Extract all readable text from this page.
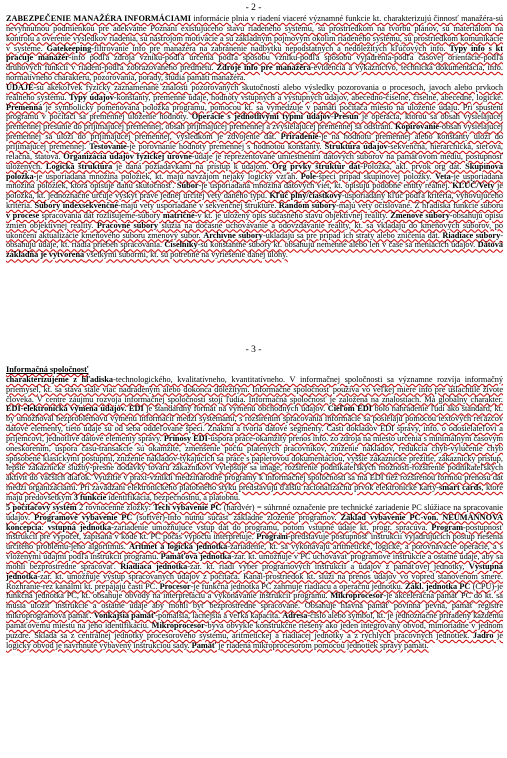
- 2 -
ZABEZPEČENIE MANAŽÉRA INFORMÁCIAMI informácie plnia v riadení viaceré významné funkcie kt. charakterizujú činnosť manažéra-sú nevyhnutnou podmienkou pre adekvátne Poznaní existujúceho stavu riadeného systému, sú prostriedkom na tvorbu plánov, sú materiálom na kontrolu a overenie výsledkov riadenia, sú nástrojom motivácie a sú základným pojmovým okolím riadeného systému, sú prostriedkom komunikácie v systéme. Gatekeeping-filtrovanie info pre manažéra na zabránenie nadbytku nepodstatných a nedôležitých kľúčových info. Typy info s kt pracuje manažér-info podľa zdroja vzniku-podľa určenia podľa spôsobu vzniku-podľa spôsobu vyjadrenia-podľa časovej orientácie-podľa druhových funkcií v riadení-podľa zobrazovaného predmetu. Zdroje info pre manažéra-evidencia a výkazníctvo, technická dokumentácia, info. normatívneho charakteru, pozorovania, porady, štúdia pamätí manažéra.
ÚDAJE-sú akékoľvek fyzicky zaznamenané znalosti pozorovaných skutočností alebo výsledky pozorovania o procesoch, javoch alebo prvkoch reálneho systému. Typy údajov-konštanty, premenné údaje, hodnoty vstupných a výstupných údajov, abecedno-číselné, číselné, abecedné, logické. Premenná je symbolicky pomenovaná položka programu, pomocou kt. sa vymedzuje v pamäti počítača miesto na uloženie údaju. Pri spustení programu v počítači sa premennej uloženie hodnoty. Operácie s jednotlivými typmi údajov-Presun je operácia, ktorou sa obsah vysielajúcej premennej presunie do prijímajúcej premennej, obsah prijímajúcej premennej a zvysielajúcej premennej sa odstráni. Kopírovanie-obsah vysielajúcej premennej sa uloží do prijímajúcej premennej, výsledkom je zdvojenie dát. Priradenie-je na hodnotu premennej alebo konštanty uloží do prijímajúcej premennej. Testovanie-je porovnanie hodnoty premennej s hodnotou konštanty. Štruktúra údajov-sekvenčná, hierarchická, sieťová, relačná, štatová. Organizácia údajov fyzickej úrovne-údaje je reprezentované umiestnením dátových súborov na pamäťovom médiu, postupnosť uložených. Logická štruktúra je daná požiadavkami na prístup k údajom. Org prvky štruktúr dát-Položka, akl. prvok org dát. Skupinová položka-je usporiadaná množina položiek, kt. majú navzájom nejaký logický vzťah. Pole-špeci prípad skupinovej položky. Veta-je usporiadaná množina položiek, ktorá opisuje danú skutočnosť. Súbor-je usporiadaná množina dátových viet, kt. opisujú podobné entity reálnej. KĽÚČ/Vety je položka, kt. jednoznačne určuje výskyt práve jednej určitej vety daného typu. Kľúč plný/čiastkový-usporiadaný kľúč podľa kritéria, vyhovujúceho kritéria. Súbory indexsekvenčné-majú vety usporiadané v sekvenčnej štruktúre. Random súbory-majú vety očíslované. Z hľadiska funkcie súboru v procese spracovania dát rozlišujeme-súbory matričné-v kt. je uložený opis súčasného stavu objektívnej reality. Zmenové súbory-obsahujú opisu zmien objektívnej reality. Pracovné súbory slúžia na dočasné uchovávanie a odovzdávanie reality, kt. sa vkladajú do kmeňových súborov, po ukončení aktualizácie kmeňového súboru zmenový súbor. Archívne súbory-ukladajú sa pre prípad ich straty alebo zničenia dát. Riadiace súbory-obsahujú údaje, kt. riadia priebeh spracovania. Číselníky-sú konštantné súbory kt. obsahujú nemenné alebo len v čase sa meniacich údajov. Dátová základňa je vytvorená všetkými súbormi, kt. sú potrebné na vyriešenie danej úlohy.
- 3 -
Informačná spoločnosť
charakterizujeme z hľadiska-technologického, kvalitatívneho, kvantitatívneho. V informačnej spoločnosti sa významne rozvíja informačný priemysel, kt. sa stáva stále viac nadradeným alebo dokonca dôležitým. Informačné spoločnosť používa vo veľkej miere info pre ušlachtilé živote človeka. V centre záujmu rozvoja informačnej spoločnosti stojí ľudia. Informačná spoločnosť je založená na znalostiach. Má globálny charakter. EDI-elektronická výmena údajov. EDI je štandardný formát na výmenu obchodných údajov. Cieľom EDI bolo nahradenie ľudí ako štandard, kt. by umožňoval bezproblémovú výmenu informácií medzi systémami, s rozšírením spracovania informácie sa posielajú pomocou textových reťazcov dátové elementy, tieto údaje sú od seba oddeľované špeci. Znakmi a tvoria dátové segmenty. Častí dokladov EDI správy, info. o odosielateľovi a príjemcovi, jednotlivé dátové elementy správy. Prínosy EDI-úspora práce-okamžitý prenos info. zo zdroja na miesto určenia s minimálnym časovým oneskorením, úspora času-transakcie sú okamžité, zmenšenie počtu platených pracovníkov, zníženie nákladov, redukcia chýb-vylúčenie chýb spôsobené klasickými postupmi, zníženie nákladov-týkajúcich sa práce s papierovou dokumentáciou, vyššie zákaznícke prežitie, zákaznícky prístup, lepšie zákaznícke služby-presne dodávky tovaru zákazníkovi vylepšuje sa image, rozšírenie podnikateľských možností-rozšírenie podnikateľských aktivít do väčších diaľok. Využitie v praxi-vznikli medzinárodné programy k informačnej spoločnosti sa má EDI tiež rozšírenou formou prenosu dát medzi organizáciami. Pri zavádzaní elektronického platobného styku predstavujú ďalšiu racionalizačnú prvok elektronické karty-smart cards, ktoré majú predovšetkým 3 funkcie identifikácia, bezpečnostnú, a platobnú.
5 počítačový systém 2 rovnocenné zložky: Tech vybavenie PC (hardvér) = súhrnné označenie pre technické zariadenie PC slúžiace na spracovanie údajov. Programové vybavenie PC (softvér)-info nutnú súčasť základne zloženie programov. Základ vybavenie PC-von. NEUMANNOVA koncepcia: vstupná jednotka-zariadenie umožňujúce vstup dát do programu, potom vstupné údaje kt. progr. spracúva. Program-postupnosť inštrukcií pre výpočet, zapísaná v kóde kt. PC počas výpočtu interpretuje. Program-predstavuje postupnosť inštrukcií vyjadrujúcich postup riešenia určitého problému-jeho algoritmus. Aritmet a logická jednotka-zariadenie, kt. sa vykonávajú aritmetické, logické, a porovnávacie operácie, a s vloženými údajmi podľa inštrukcií programu. Pamäťová jednotka-zar. kt. umožňuje v PC uchovávať programové inštrukcie a ostatné údaje, aby sa mohli bezprostredne spracovať. Riadiaca jednotka-zar. kt. riadi výber programových inštrukcií a údajov z pamäťovej jednotky, Výstupná jednotka-zar. kt. umožňuje výstup spracovaných údajov z počítača. Kanál-prostriedok kt. slúži na prenos údajov vo vopred stanovenom smere. Rozhranie-rez kanálmi kt. prepájajú časti PC. Procesor-je funkčná jednotka PC zahrnuje riadiacu a operačnú jednotku. Zákl. jednotka PC (CPU)-je funkčná jednotka PC, kt. obsahuje obvody na interpretáciu a vykonávanie inštrukcií programu. Mikroprocesor-je akceleračná pamäť PC do kt. sa musia uložiť inštrukcie a ostatné údaje aby mohli byť bezprostredne spracované. Obsahuje hlavná pamäť povinná pevná, pamäť registre mikroprogramová pamäť. Vonkajšia pamäť-pomalšia, lacnejšia a veľká kapacita. Adresa-číslo alebo symbol, kt. je jednoznačne priradený každému pamäťovému miestu na jeho identifikáciu. Mikroprocesor-býva obvykle konštrukčne riešený ako jeden integrovaný obvod, mimoriadne v jednom puzdre. Skladá sa z centrálnej jednotky procesorového systému, aritmetickej a riadiacej jednotky a z rýchlych pracovných jednotiek. Jadro je logický obvod je navrhnuté vybavený inštrukciou sady. Pamäť je riadená mikroprocesorom pomocou jednotiek správy pamätí.
